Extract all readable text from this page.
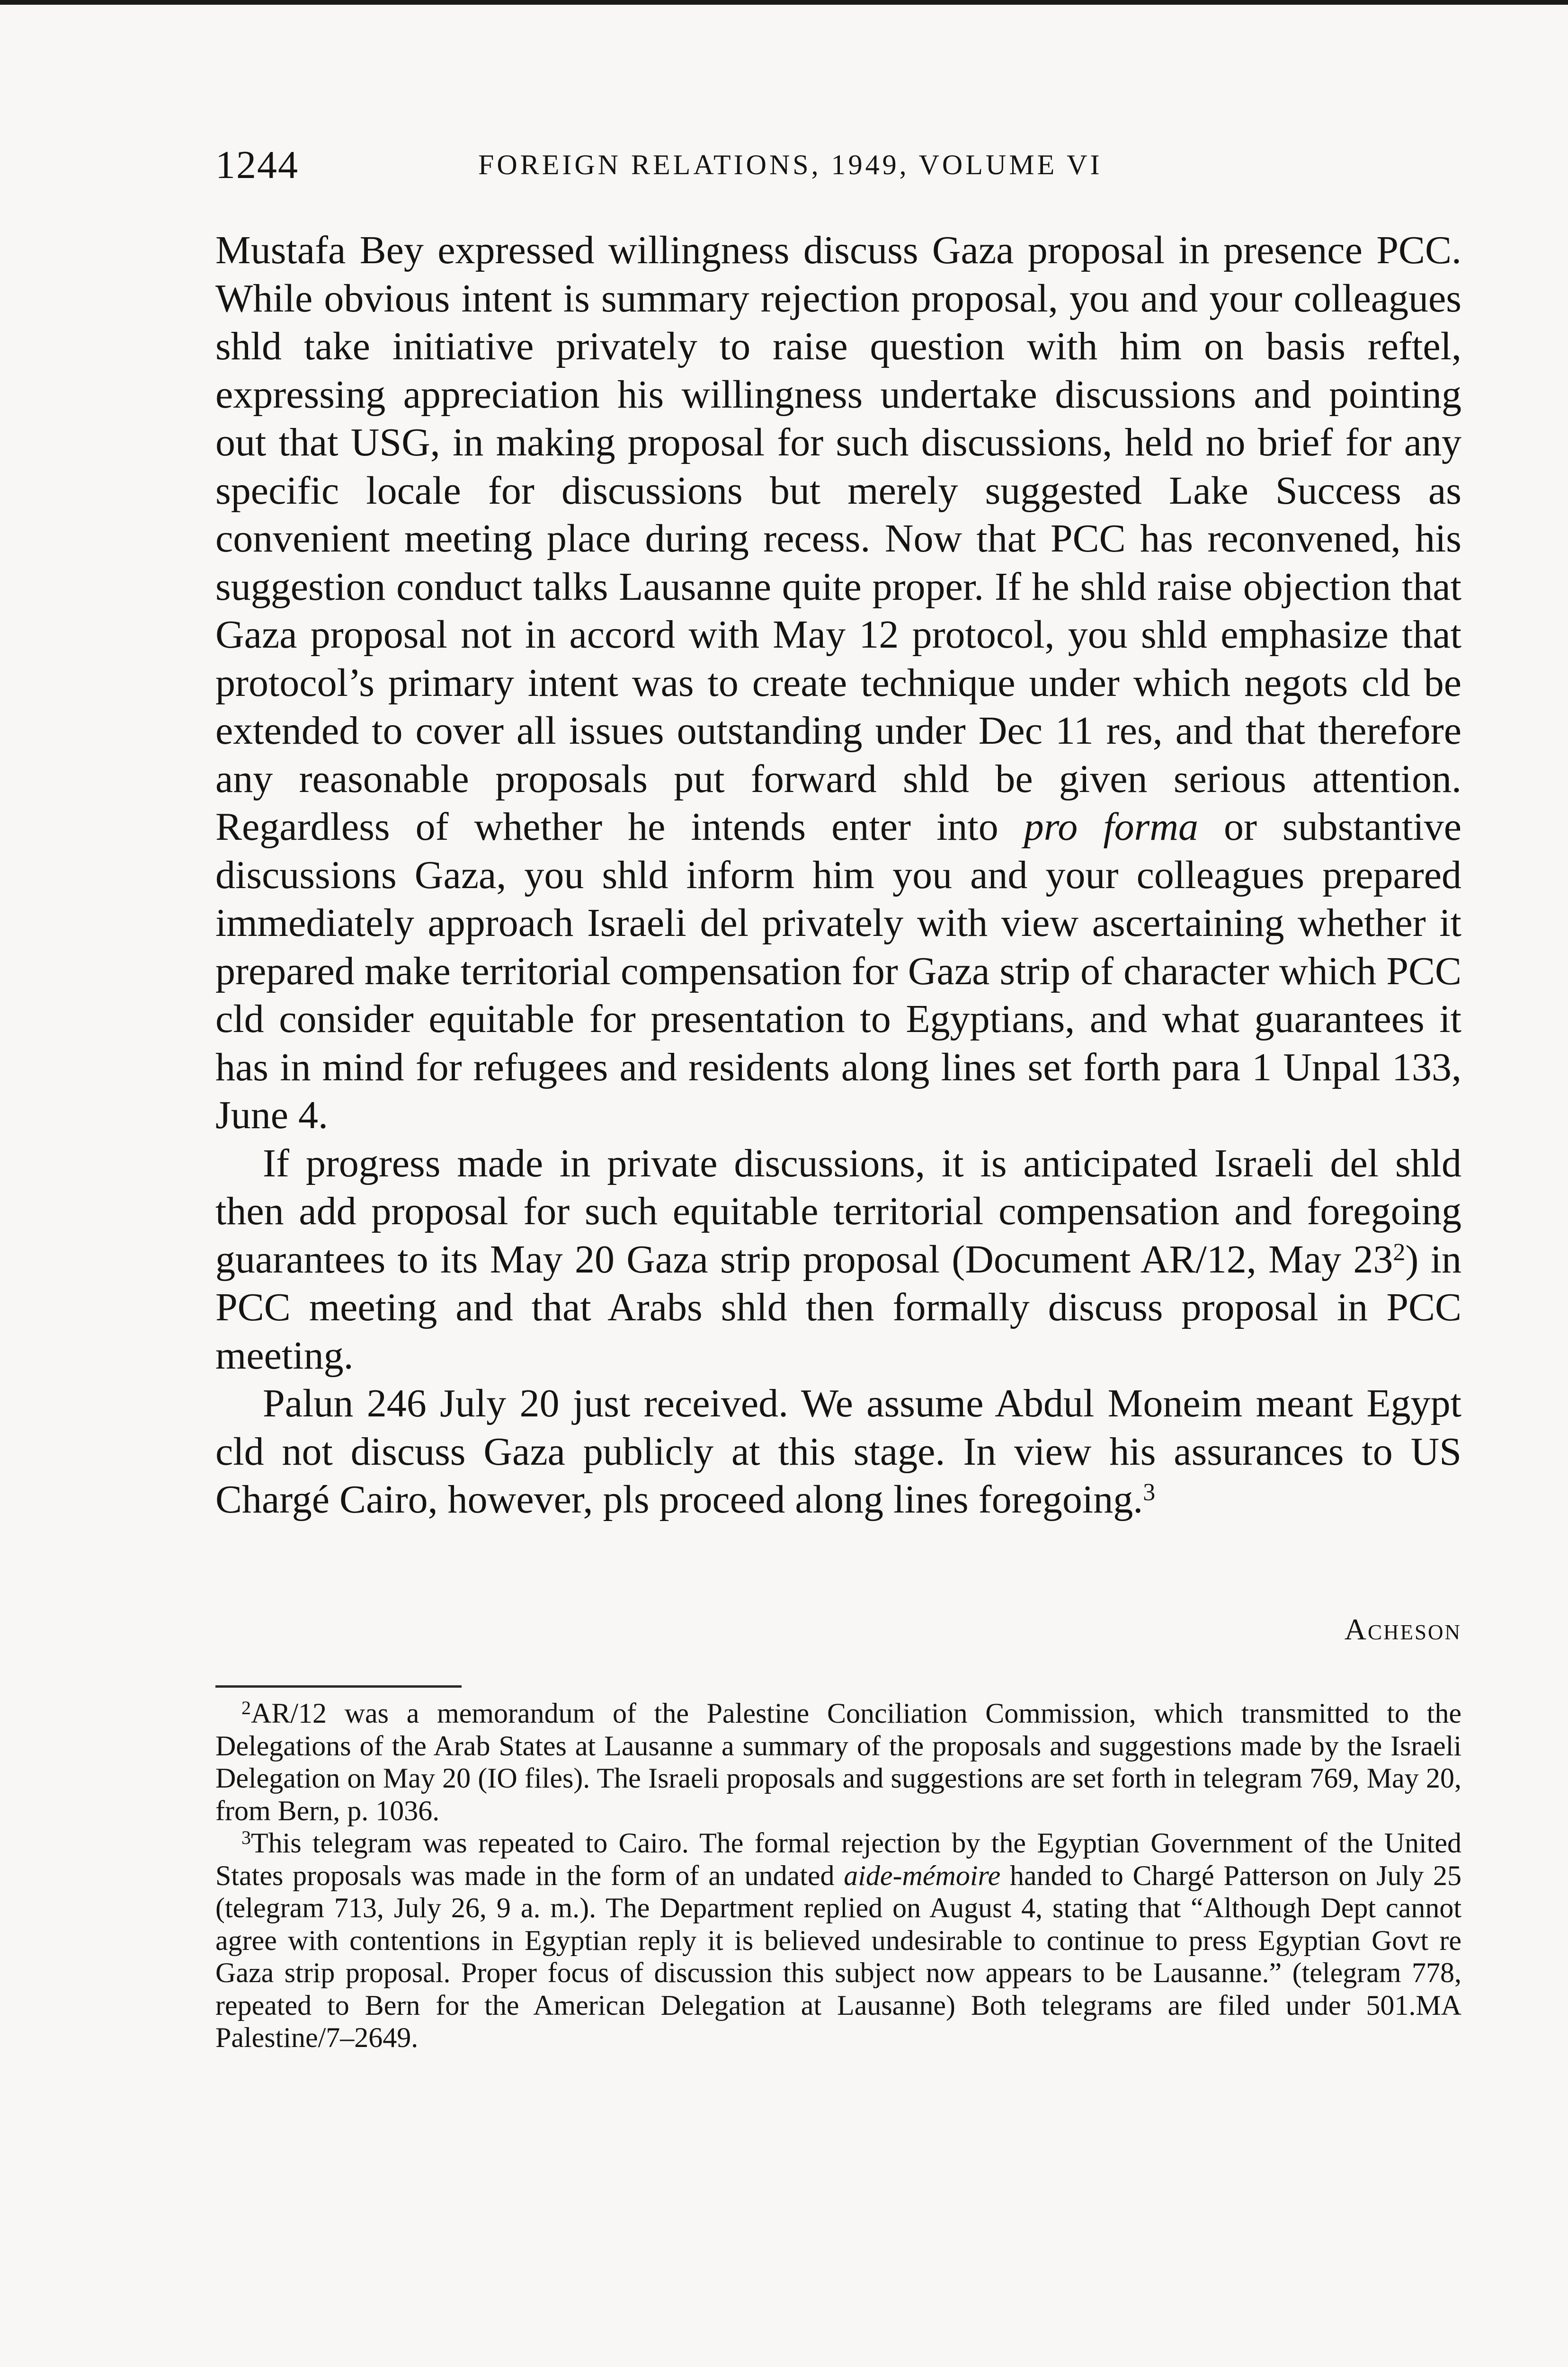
1244	FOREIGN RELATIONS, 1949, VOLUME VI

Mustafa Bey expressed willingness discuss Gaza proposal in presence PCC. While obvious intent is summary rejection proposal, you and your colleagues shld take initiative privately to raise question with him on basis reftel, expressing appreciation his willingness undertake discussions and pointing out that USG, in making proposal for such discussions, held no brief for any specific locale for discussions but merely suggested Lake Success as convenient meeting place during recess. Now that PCC has reconvened, his suggestion conduct talks Lausanne quite proper. If he shld raise objection that Gaza proposal not in accord with May 12 protocol, you shld emphasize that protocol’s primary intent was to create technique under which negots cld be extended to cover all issues outstanding under Dec 11 res, and that therefore any reasonable proposals put forward shld be given serious attention. Regardless of whether he intends enter into pro forma or substantive discussions Gaza, you shld inform him you and your colleagues prepared immediately approach Israeli del privately with view ascertaining whether it prepared make territorial compensation for Gaza strip of character which PCC cld consider equitable for presentation to Egyptians, and what guarantees it has in mind for refugees and residents along lines set forth para 1 Unpal 133, June 4.

If progress made in private discussions, it is anticipated Israeli del shld then add proposal for such equitable territorial compensation and foregoing guarantees to its May 20 Gaza strip proposal (Document AR/12, May $23^2$) in PCC meeting and that Arabs shld then formally discuss proposal in PCC meeting.

Palun 246 July 20 just received. We assume Abdul Moneim meant Egypt cld not discuss Gaza publicly at this stage. In view his assurances to US Chargé Cairo, however, pls proceed along lines foregoing.$^3$

Acheson

$^2$AR/12 was a memorandum of the Palestine Conciliation Commission, which transmitted to the Delegations of the Arab States at Lausanne a summary of the proposals and suggestions made by the Israeli Delegation on May 20 (IO files). The Israeli proposals and suggestions are set forth in telegram 769, May 20, from Bern, p. 1036.

$^3$This telegram was repeated to Cairo. The formal rejection by the Egyptian Government of the United States proposals was made in the form of an undated aide-mémoire handed to Chargé Patterson on July 25 (telegram 713, July 26, 9 a. m.). The Department replied on August 4, stating that “Although Dept cannot agree with contentions in Egyptian reply it is believed undesirable to continue to press Egyptian Govt re Gaza strip proposal. Proper focus of discussion this subject now appears to be Lausanne.” (telegram 778, repeated to Bern for the American Delegation at Lausanne) Both telegrams are filed under 501.MA Palestine/7–2649.
